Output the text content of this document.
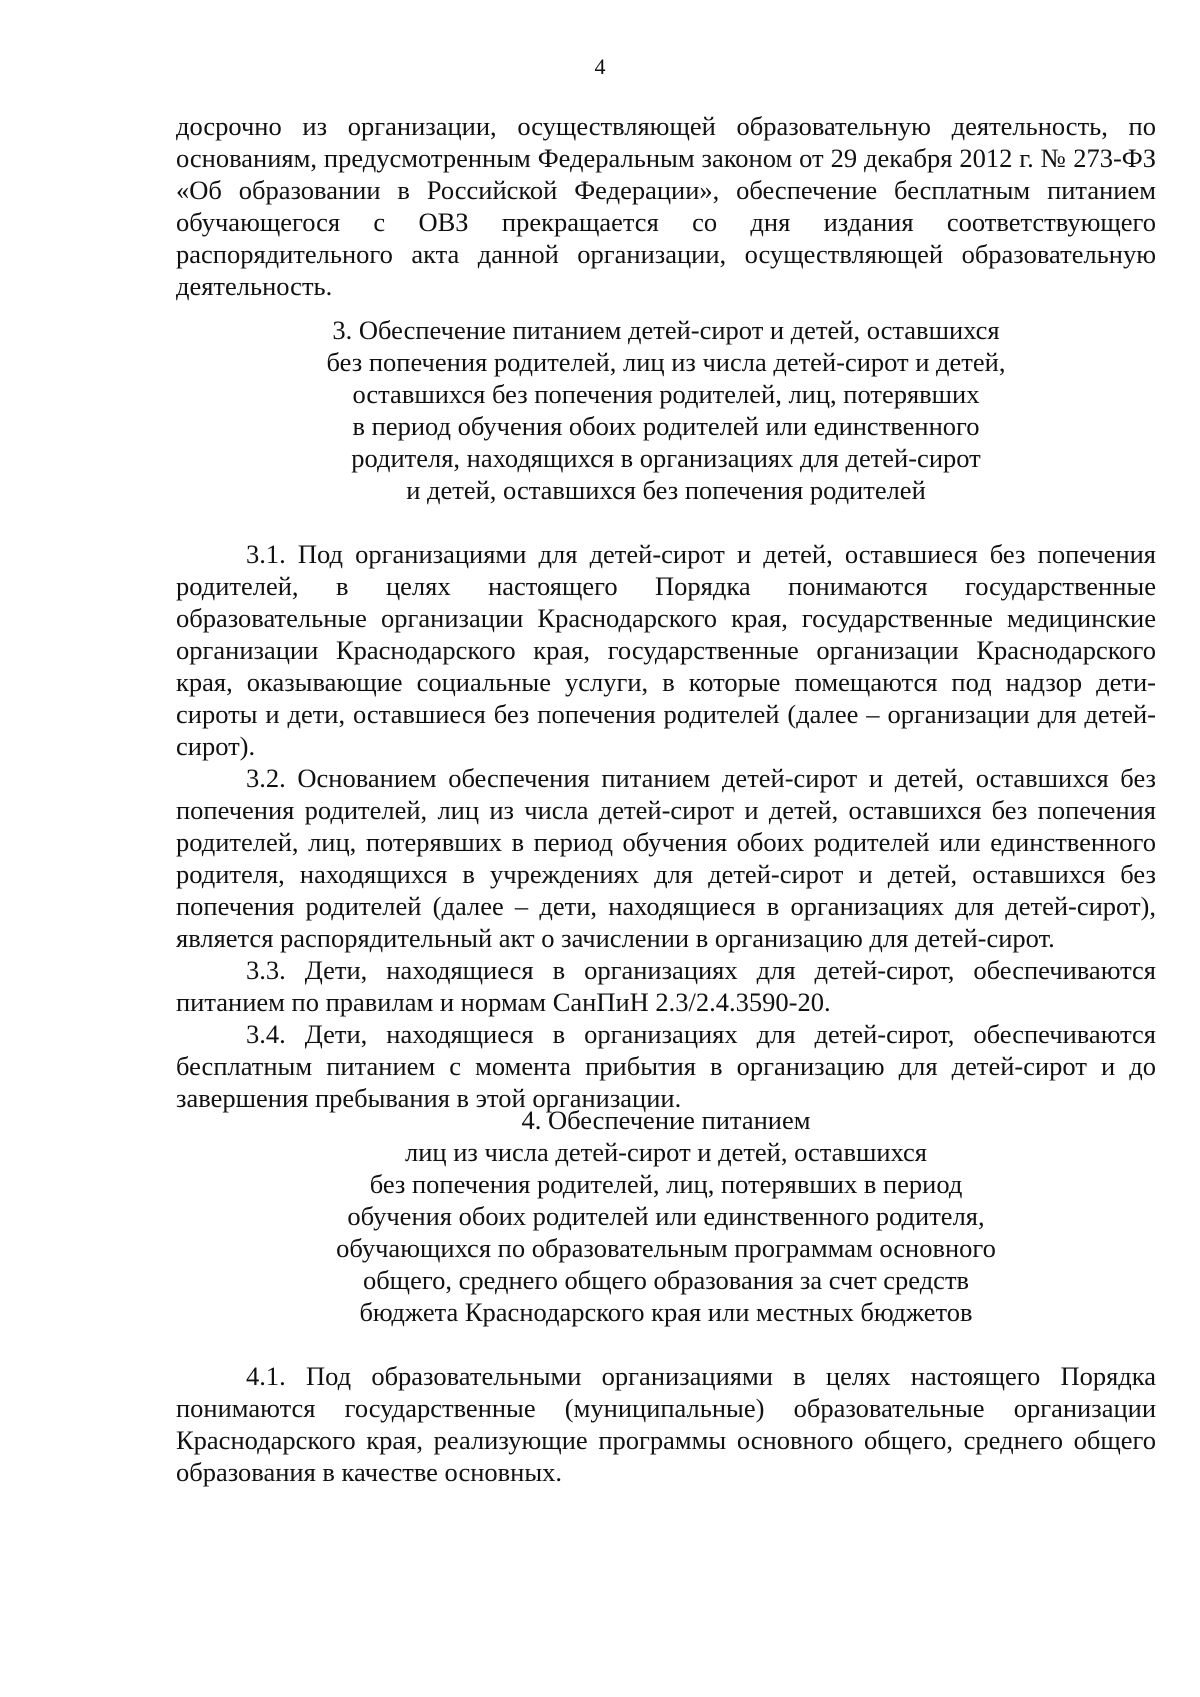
4

досрочно из организации, осуществляющей образовательную деятельность, по основаниям, предусмотренным Федеральным законом от 29 декабря 2012 г. № 273-ФЗ «Об образовании в Российской Федерации», обеспечение бесплатным питанием обучающегося с ОВЗ прекращается со дня издания соответствующего распорядительного акта данной организации, осуществляющей образовательную деятельность.

3. Обеспечение питанием детей-сирот и детей, оставшихся
без попечения родителей, лиц из числа детей-сирот и детей,
оставшихся без попечения родителей, лиц, потерявших
в период обучения обоих родителей или единственного
родителя, находящихся в организациях для детей-сирот
и детей, оставшихся без попечения родителей

3.1. Под организациями для детей-сирот и детей, оставшиеся без попечения родителей, в целях настоящего Порядка понимаются государственные образовательные организации Краснодарского края, государственные медицинские организации Краснодарского края, государственные организации Краснодарского края, оказывающие социальные услуги, в которые помещаются под надзор дети-сироты и дети, оставшиеся без попечения родителей (далее – организации для детей-сирот).

3.2. Основанием обеспечения питанием детей-сирот и детей, оставшихся без попечения родителей, лиц из числа детей-сирот и детей, оставшихся без попечения родителей, лиц, потерявших в период обучения обоих родителей или единственного родителя, находящихся в учреждениях для детей-сирот и детей, оставшихся без попечения родителей (далее – дети, находящиеся в организациях для детей-сирот), является распорядительный акт о зачислении в организацию для детей-сирот.

3.3. Дети, находящиеся в организациях для детей-сирот, обеспечиваются питанием по правилам и нормам СанПиН 2.3/2.4.3590-20.

3.4. Дети, находящиеся в организациях для детей-сирот, обеспечиваются бесплатным питанием с момента прибытия в организацию для детей-сирот и до завершения пребывания в этой организации.

4. Обеспечение питанием
лиц из числа детей-сирот и детей, оставшихся
без попечения родителей, лиц, потерявших в период
обучения обоих родителей или единственного родителя,
обучающихся по образовательным программам основного
общего, среднего общего образования за счет средств
бюджета Краснодарского края или местных бюджетов

4.1. Под образовательными организациями в целях настоящего Порядка понимаются государственные (муниципальные) образовательные организации Краснодарского края, реализующие программы основного общего, среднего общего образования в качестве основных.
